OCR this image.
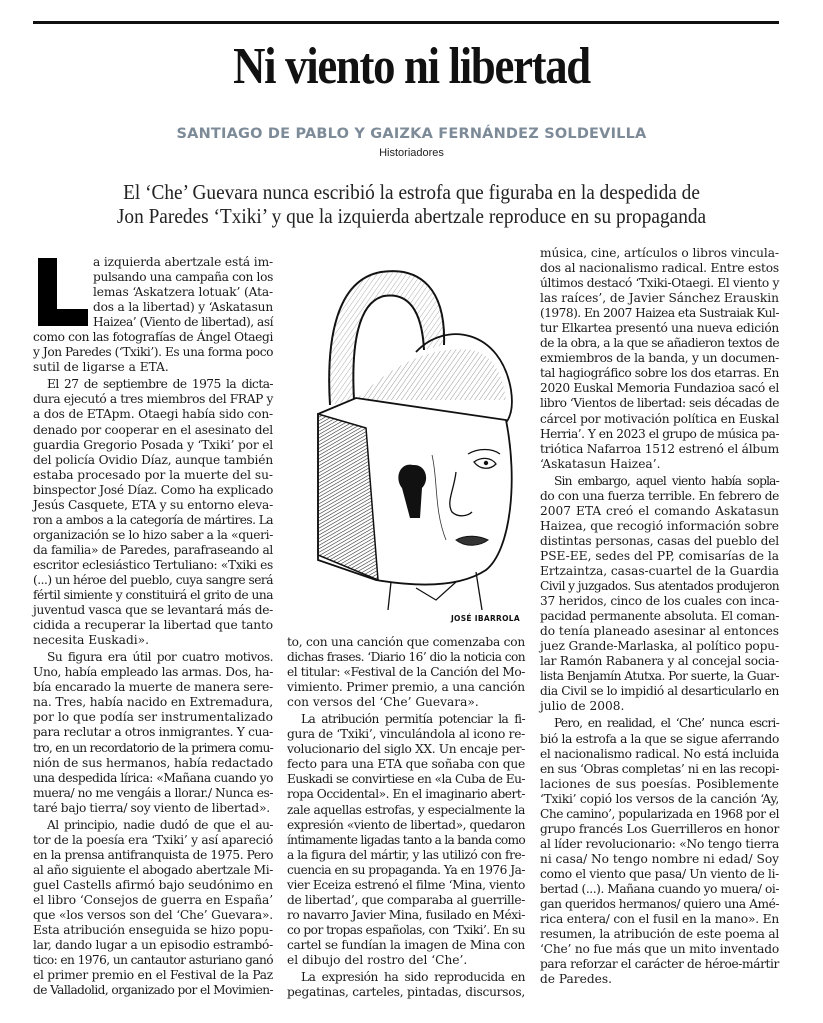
Ni viento ni libertad
SANTIAGO DE PABLO Y GAIZKA FERNÁNDEZ SOLDEVILLA
Historiadores
El ‘Che’ Guevara nunca escribió la estrofa que figuraba en la despedida de
Jon Paredes ‘Txiki’ y que la izquierda abertzale reproduce en su propaganda
JOSÉ IBARROLA
a izquierda abertzale está im-
pulsando una campaña con los
lemas ‘Askatzera lotuak’ (Ata-
dos a la libertad) y ‘Askatasun
Haizea’ (Viento de libertad), así
como con las fotografías de Ángel Otaegi
y Jon Paredes (‘Txiki’). Es una forma poco
sutil de ligarse a ETA.
El 27 de septiembre de 1975 la dicta-
dura ejecutó a tres miembros del FRAP y
a dos de ETApm. Otaegi había sido con-
denado por cooperar en el asesinato del
guardia Gregorio Posada y ‘Txiki’ por el
del policía Ovidio Díaz, aunque también
estaba procesado por la muerte del su-
binspector José Díaz. Como ha explicado
Jesús Casquete, ETA y su entorno eleva-
ron a ambos a la categoría de mártires. La
organización se lo hizo saber a la «queri-
da familia» de Paredes, parafraseando al
escritor eclesiástico Tertuliano: «Txiki es
(...) un héroe del pueblo, cuya sangre será
fértil simiente y constituirá el grito de una
juventud vasca que se levantará más de-
cidida a recuperar la libertad que tanto
necesita Euskadi».
Su figura era útil por cuatro motivos.
Uno, había empleado las armas. Dos, ha-
bía encarado la muerte de manera sere-
na. Tres, había nacido en Extremadura,
por lo que podía ser instrumentalizado
para reclutar a otros inmigrantes. Y cua-
tro, en un recordatorio de la primera comu-
nión de sus hermanos, había redactado
una despedida lírica: «Mañana cuando yo
muera/ no me vengáis a llorar./ Nunca es-
taré bajo tierra/ soy viento de libertad».
Al principio, nadie dudó de que el au-
tor de la poesía era ‘Txiki’ y así apareció
en la prensa antifranquista de 1975. Pero
al año siguiente el abogado abertzale Mi-
guel Castells afirmó bajo seudónimo en
el libro ‘Consejos de guerra en España’
que «los versos son del ‘Che’ Guevara».
Esta atribución enseguida se hizo popu-
lar, dando lugar a un episodio estrambó-
tico: en 1976, un cantautor asturiano ganó
el primer premio en el Festival de la Paz
de Valladolid, organizado por el Movimien-
to, con una canción que comenzaba con
dichas frases. ‘Diario 16’ dio la noticia con
el titular: «Festival de la Canción del Mo-
vimiento. Primer premio, a una canción
con versos del ‘Che’ Guevara».
La atribución permitía potenciar la fi-
gura de ‘Txiki’, vinculándola al icono re-
volucionario del siglo XX. Un encaje per-
fecto para una ETA que soñaba con que
Euskadi se convirtiese en «la Cuba de Eu-
ropa Occidental». En el imaginario abert-
zale aquellas estrofas, y especialmente la
expresión «viento de libertad», quedaron
íntimamente ligadas tanto a la banda como
a la figura del mártir, y las utilizó con fre-
cuencia en su propaganda. Ya en 1976 Ja-
vier Eceiza estrenó el filme ‘Mina, viento
de libertad’, que comparaba al guerrille-
ro navarro Javier Mina, fusilado en Méxi-
co por tropas españolas, con ‘Txiki’. En su
cartel se fundían la imagen de Mina con
el dibujo del rostro del ‘Che’.
La expresión ha sido reproducida en
pegatinas, carteles, pintadas, discursos,
música, cine, artículos o libros vincula-
dos al nacionalismo radical. Entre estos
últimos destacó ‘Txiki-Otaegi. El viento y
las raíces’, de Javier Sánchez Erauskin
(1978). En 2007 Haizea eta Sustraiak Kul-
tur Elkartea presentó una nueva edición
de la obra, a la que se añadieron textos de
exmiembros de la banda, y un documen-
tal hagiográfico sobre los dos etarras. En
2020 Euskal Memoria Fundazioa sacó el
libro ‘Vientos de libertad: seis décadas de
cárcel por motivación política en Euskal
Herria’. Y en 2023 el grupo de música pa-
triótica Nafarroa 1512 estrenó el álbum
‘Askatasun Haizea’.
Sin embargo, aquel viento había sopla-
do con una fuerza terrible. En febrero de
2007 ETA creó el comando Askatasun
Haizea, que recogió información sobre
distintas personas, casas del pueblo del
PSE-EE, sedes del PP, comisarías de la
Ertzaintza, casas-cuartel de la Guardia
Civil y juzgados. Sus atentados produjeron
37 heridos, cinco de los cuales con inca-
pacidad permanente absoluta. El coman-
do tenía planeado asesinar al entonces
juez Grande-Marlaska, al político popu-
lar Ramón Rabanera y al concejal socia-
lista Benjamín Atutxa. Por suerte, la Guar-
dia Civil se lo impidió al desarticularlo en
julio de 2008.
Pero, en realidad, el ‘Che’ nunca escri-
bió la estrofa a la que se sigue aferrando
el nacionalismo radical. No está incluida
en sus ‘Obras completas’ ni en las recopi-
laciones de sus poesías. Posiblemente
‘Txiki’ copió los versos de la canción ‘Ay,
Che camino’, popularizada en 1968 por el
grupo francés Los Guerrilleros en honor
al líder revolucionario: «No tengo tierra
ni casa/ No tengo nombre ni edad/ Soy
como el viento que pasa/ Un viento de li-
bertad (...). Mañana cuando yo muera/ oi-
gan queridos hermanos/ quiero una Amé-
rica entera/ con el fusil en la mano». En
resumen, la atribución de este poema al
‘Che’ no fue más que un mito inventado
para reforzar el carácter de héroe-mártir
de Paredes.
